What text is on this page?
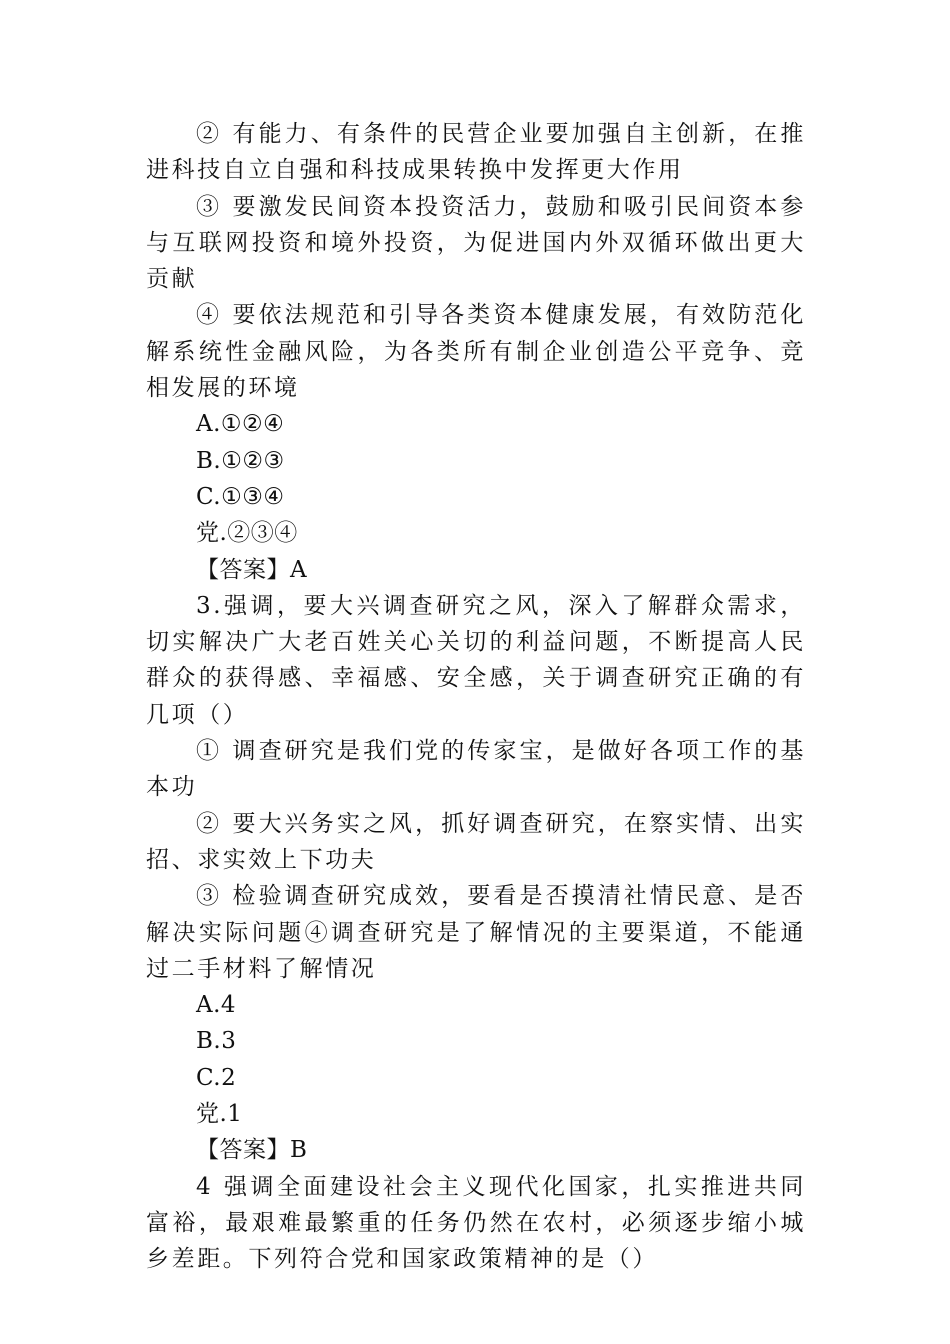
② 有能力、有条件的民营企业要加强自主创新，在推进科技自立自强和科技成果转换中发挥更大作用

③ 要激发民间资本投资活力，鼓励和吸引民间资本参与互联网投资和境外投资，为促进国内外双循环做出更大贡献

④ 要依法规范和引导各类资本健康发展，有效防范化解系统性金融风险，为各类所有制企业创造公平竞争、竞相发展的环境

A.①②④

B.①②③

C.①③④

党.②③④

【答案】A

3.强调，要大兴调查研究之风，深入了解群众需求，切实解决广大老百姓关心关切的利益问题，不断提高人民群众的获得感、幸福感、安全感，关于调查研究正确的有几项（）

① 调查研究是我们党的传家宝，是做好各项工作的基本功

② 要大兴务实之风，抓好调查研究，在察实情、出实招、求实效上下功夫

③ 检验调查研究成效，要看是否摸清社情民意、是否解决实际问题④调查研究是了解情况的主要渠道，不能通过二手材料了解情况

A.4

B.3

C.2

党.1

【答案】B

4 强调全面建设社会主义现代化国家，扎实推进共同富裕，最艰难最繁重的任务仍然在农村，必须逐步缩小城乡差距。下列符合党和国家政策精神的是（）
